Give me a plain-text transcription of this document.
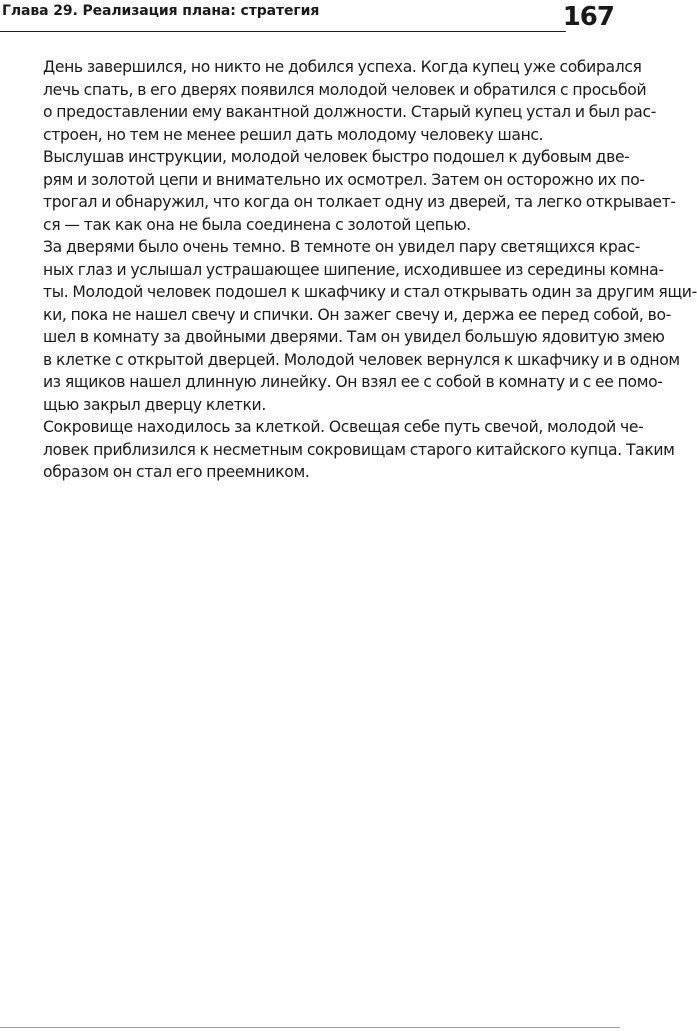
Глава 29. Реализация плана: стратегия	167

День завершился, но никто не добился успеха. Когда купец уже собирался
лечь спать, в его дверях появился молодой человек и обратился с просьбой
о предоставлении ему вакантной должности. Старый купец устал и был рас-
строен, но тем не менее решил дать молодому человеку шанс.

Выслушав инструкции, молодой человек быстро подошел к дубовым две-
рям и золотой цепи и внимательно их осмотрел. Затем он осторожно их по-
трогал и обнаружил, что когда он толкает одну из дверей, та легко открывает-
ся — так как она не была соединена с золотой цепью.

За дверями было очень темно. В темноте он увидел пару светящихся крас-
ных глаз и услышал устрашающее шипение, исходившее из середины комна-
ты. Молодой человек подошел к шкафчику и стал открывать один за другим ящи-
ки, пока не нашел свечу и спички. Он зажег свечу и, держа ее перед собой, во-
шел в комнату за двойными дверями. Там он увидел большую ядовитую змею
в клетке с открытой дверцей. Молодой человек вернулся к шкафчику и в одном
из ящиков нашел длинную линейку. Он взял ее с собой в комнату и с ее помо-
щью закрыл дверцу клетки.

Сокровище находилось за клеткой. Освещая себе путь свечой, молодой че-
ловек приблизился к несметным сокровищам старого китайского купца. Таким
образом он стал его преемником.
